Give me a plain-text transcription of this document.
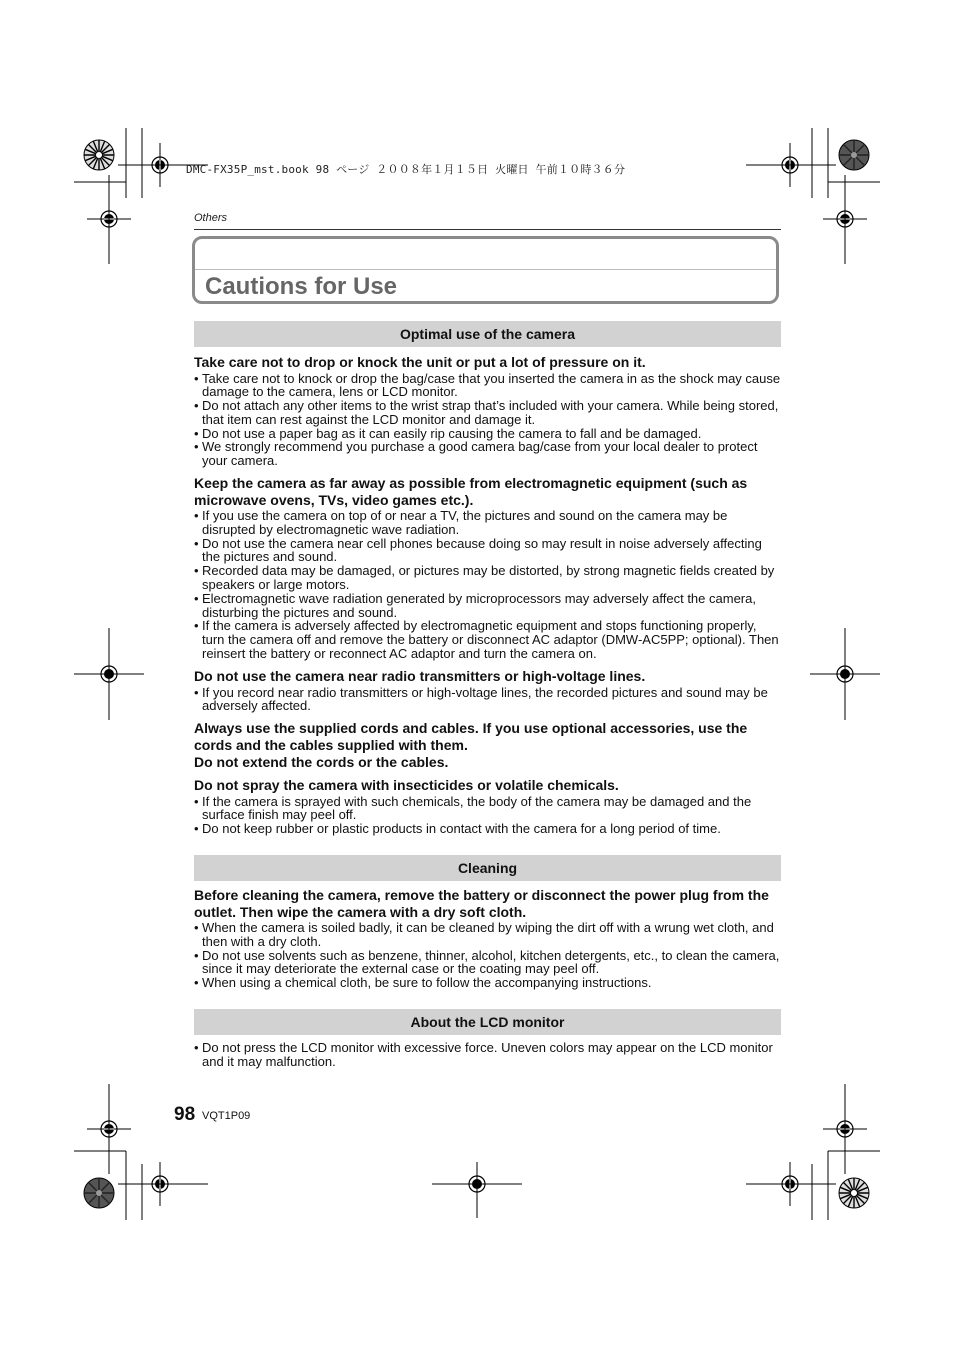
DMC-FX35P_mst.book 98 ページ ２００８年１月１５日 火曜日 午前１０時３６分
Others
Cautions for Use
Optimal use of the camera

Take care not to drop or knock the unit or put a lot of pressure on it.

• Take care not to knock or drop the bag/case that you inserted the camera in as the shock may cause damage to the camera, lens or LCD monitor.
• Do not attach any other items to the wrist strap that’s included with your camera. While being stored, that item can rest against the LCD monitor and damage it.
• Do not use a paper bag as it can easily rip causing the camera to fall and be damaged.
• We strongly recommend you purchase a good camera bag/case from your local dealer to protect your camera.

Keep the camera as far away as possible from electromagnetic equipment (such as microwave ovens, TVs, video games etc.).

• If you use the camera on top of or near a TV, the pictures and sound on the camera may be disrupted by electromagnetic wave radiation.
• Do not use the camera near cell phones because doing so may result in noise adversely affecting the pictures and sound.
• Recorded data may be damaged, or pictures may be distorted, by strong magnetic fields created by speakers or large motors.
• Electromagnetic wave radiation generated by microprocessors may adversely affect the camera, disturbing the pictures and sound.
• If the camera is adversely affected by electromagnetic equipment and stops functioning properly, turn the camera off and remove the battery or disconnect AC adaptor (DMW-AC5PP; optional). Then reinsert the battery or reconnect AC adaptor and turn the camera on.

Do not use the camera near radio transmitters or high-voltage lines.

• If you record near radio transmitters or high-voltage lines, the recorded pictures and sound may be adversely affected.

Always use the supplied cords and cables. If you use optional accessories, use the cords and the cables supplied with them.

Do not extend the cords or the cables.

Do not spray the camera with insecticides or volatile chemicals.

• If the camera is sprayed with such chemicals, the body of the camera may be damaged and the surface finish may peel off.
• Do not keep rubber or plastic products in contact with the camera for a long period of time.
Cleaning

Before cleaning the camera, remove the battery or disconnect the power plug from the outlet. Then wipe the camera with a dry soft cloth.

• When the camera is soiled badly, it can be cleaned by wiping the dirt off with a wrung wet cloth, and then with a dry cloth.
• Do not use solvents such as benzene, thinner, alcohol, kitchen detergents, etc., to clean the camera, since it may deteriorate the external case or the coating may peel off.
• When using a chemical cloth, be sure to follow the accompanying instructions.
About the LCD monitor
• Do not press the LCD monitor with excessive force. Uneven colors may appear on the LCD monitor and it may malfunction.
98 VQT1P09
